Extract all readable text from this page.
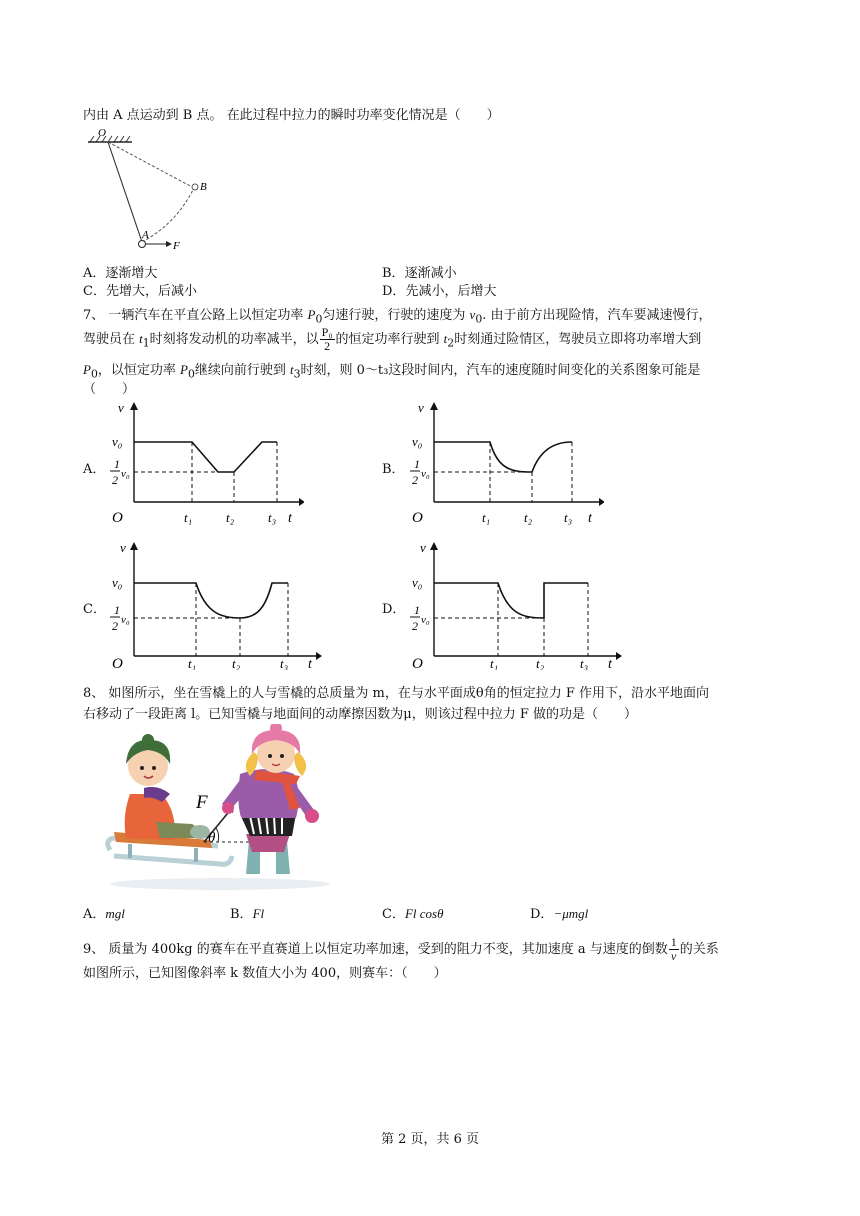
内由 A 点运动到 B 点。 在此过程中拉力的瞬时功率变化情况是（　　）
O
A
B
F
A．逐渐增大	B．逐渐减小
C．先增大，后减小	D．先减小，后增大
7、 一辆汽车在平直公路上以恒定功率 $P_0$匀速行驶，行驶的速度为 $v_0$. 由于前方出现险情，汽车要减速慢行，
驾驶员在 $t_1$时刻将发动机的功率减半，以 $\frac{\text{P₀}}{2}$ 的恒定功率行驶到 $t_2$时刻通过险情区，驾驶员立即将功率增大到
$P_0$，以恒定功率 $P_0$继续向前行驶到 $t_3$时刻，则 0～t₃这段时间内，汽车的速度随时间变化的关系图象可能是
（　　）
A．	B．
C．	D．
v
t
O
v₀
1
2 v₀
t₁	t₂	t₃
v
t
O
v₀
1
2 v₀
t₁	t₂ t₃
v
t
O
v₀
1
2 v₀
t₁	t₂	t₃
v
t
O
v₀
1
2 v₀
t₁	t₂	t₃
8、 如图所示，坐在雪橇上的人与雪橇的总质量为 m，在与水平面成θ角的恒定拉力 F 作用下，沿水平地面向
右移动了一段距离 l。已知雪橇与地面间的动摩擦因数为μ，则该过程中拉力 F 做的功是（　　）
F
θ
A．mgl	B．Fl	C．Fl cosθ	D．−μmgl
9、 质量为 400kg 的赛车在平直赛道上以恒定功率加速，受到的阻力不变，其加速度 a 与速度的倒数 $\frac{1}{v}$ 的关系
如图所示，已知图像斜率 k 数值大小为 400，则赛车：（　　）
第 2 页，共 6 页
